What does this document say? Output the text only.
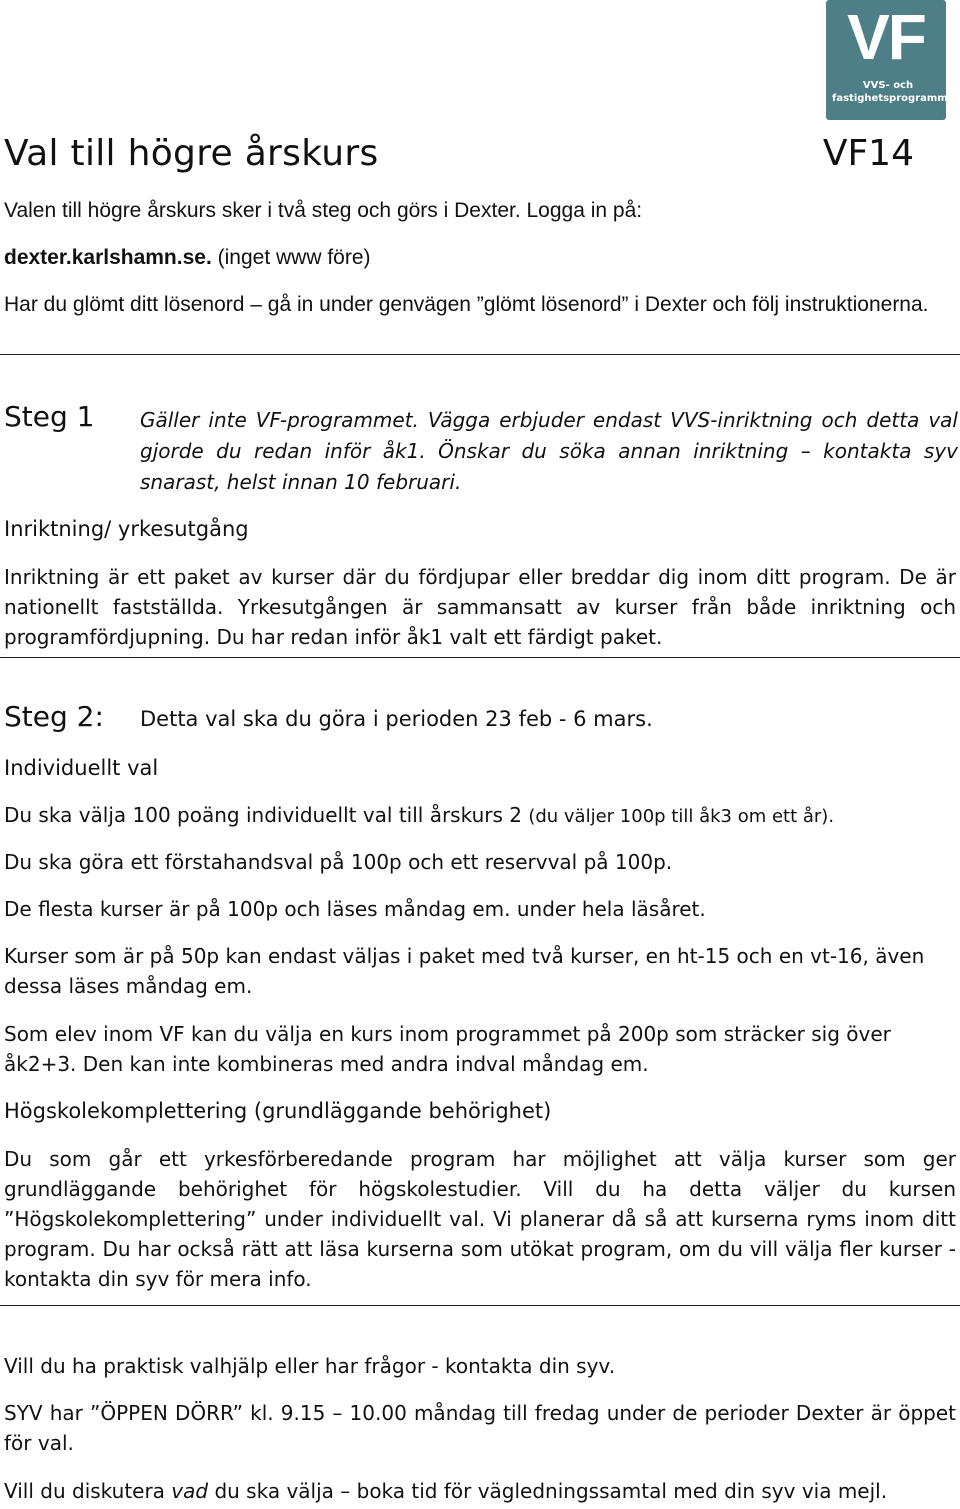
VF
VVS- och
fastighetsprogrammet
Val till högre årskurs	VF14

Valen till högre årskurs sker i två steg och görs i Dexter. Logga in på:

dexter.karlshamn.se. (inget www före)

Har du glömt ditt lösenord – gå in under genvägen ”glömt lösenord” i Dexter och följ instruktionerna.

Steg 1 Gäller inte VF-programmet. Vägga erbjuder endast VVS-inriktning och detta val gjorde du redan inför åk1. Önskar du söka annan inriktning – kontakta syv snarast, helst innan 10 februari.
Inriktning/ yrkesutgång

Inriktning är ett paket av kurser där du fördjupar eller breddar dig inom ditt program. De är nationellt fastställda. Yrkesutgången är sammansatt av kurser från både inriktning och programfördjupning. Du har redan inför åk1 valt ett färdigt paket.

Steg 2: Detta val ska du göra i perioden 23 feb - 6 mars.
Individuellt val

Du ska välja 100 poäng individuellt val till årskurs 2 (du väljer 100p till åk3 om ett år).

Du ska göra ett förstahandsval på 100p och ett reservval på 100p.

De flesta kurser är på 100p och läses måndag em. under hela läsåret.

Kurser som är på 50p kan endast väljas i paket med två kurser, en ht-15 och en vt-16, även dessa läses måndag em.

Som elev inom VF kan du välja en kurs inom programmet på 200p som sträcker sig över åk2+3. Den kan inte kombineras med andra indval måndag em.

Högskolekomplettering (grundläggande behörighet)

Du som går ett yrkesförberedande program har möjlighet att välja kurser som ger grundläggande behörighet för högskolestudier. Vill du ha detta väljer du kursen ”Högskolekomplettering” under individuellt val. Vi planerar då så att kurserna ryms inom ditt program. Du har också rätt att läsa kurserna som utökat program, om du vill välja fler kurser - kontakta din syv för mera info.

Vill du ha praktisk valhjälp eller har frågor - kontakta din syv.

SYV har ”ÖPPEN DÖRR” kl. 9.15 – 10.00 måndag till fredag under de perioder Dexter är öppet för val.

Vill du diskutera vad du ska välja – boka tid för vägledningssamtal med din syv via mejl.
